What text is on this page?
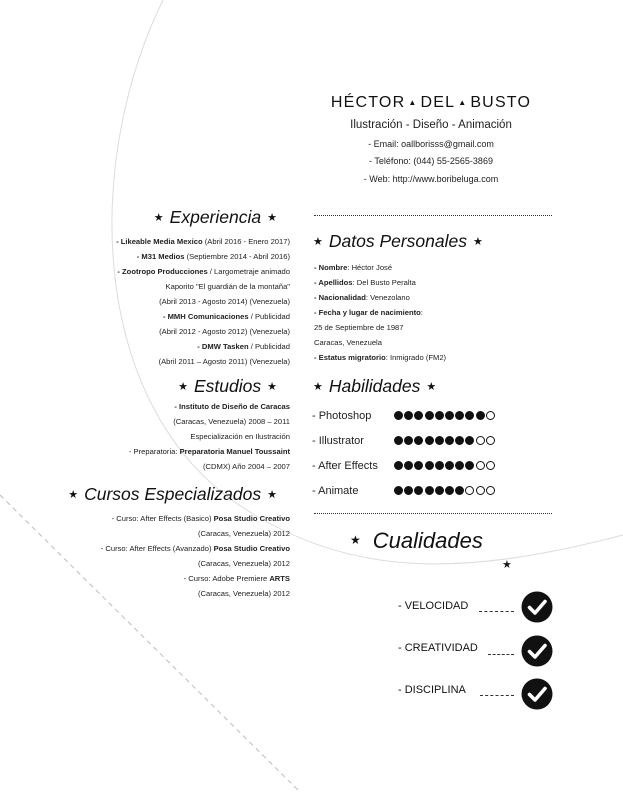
HÉCTOR ▲ DEL ▲ BUSTO
Ilustración - Diseño - Animación
- Email: oallborisss@gmail.com
- Teléfono: (044) 55-2565-3869
- Web: http://www.boribeluga.com
★ Experiencia ★
- Likeable Media Mexico (Abril 2016 - Enero 2017)
- M31 Medios (Septiembre 2014 - Abril 2016)
- Zootropo Producciones / Largometraje animado
Kaporito "El guardián de la montaña"
(Abril 2013 - Agosto 2014) (Venezuela)
- MMH Comunicaciones / Publicidad
(Abril 2012 - Agosto 2012) (Venezuela)
- DMW Tasken / Publicidad
(Abril 2011 – Agosto 2011) (Venezuela)
★ Estudios ★
- Instituto de Diseño de Caracas
(Caracas, Venezuela) 2008 – 2011
Especialización en Ilustración
- Preparatoria: Preparatoria Manuel Toussaint
(CDMX) Año 2004 – 2007
★ Cursos Especializados ★
- Curso: After Effects (Basico) Posa Studio Creativo
(Caracas, Venezuela) 2012
- Curso: After Effects (Avanzado) Posa Studio Creativo
(Caracas, Venezuela) 2012
- Curso: Adobe Premiere ARTS
(Caracas, Venezuela) 2012
★ Datos Personales ★
- Nombre: Héctor José
- Apellidos: Del Busto Peralta
- Nacionalidad: Venezolano
- Fecha y lugar de nacimiento:
25 de Septiembre de 1987
Caracas, Venezuela
- Estatus migratorio: Inmigrado (FM2)
★ Habilidades ★
- Photoshop
- Illustrator
- After Effects
- Animate
★ Cualidades
★
- VELOCIDAD
- CREATIVIDAD
- DISCIPLINA
